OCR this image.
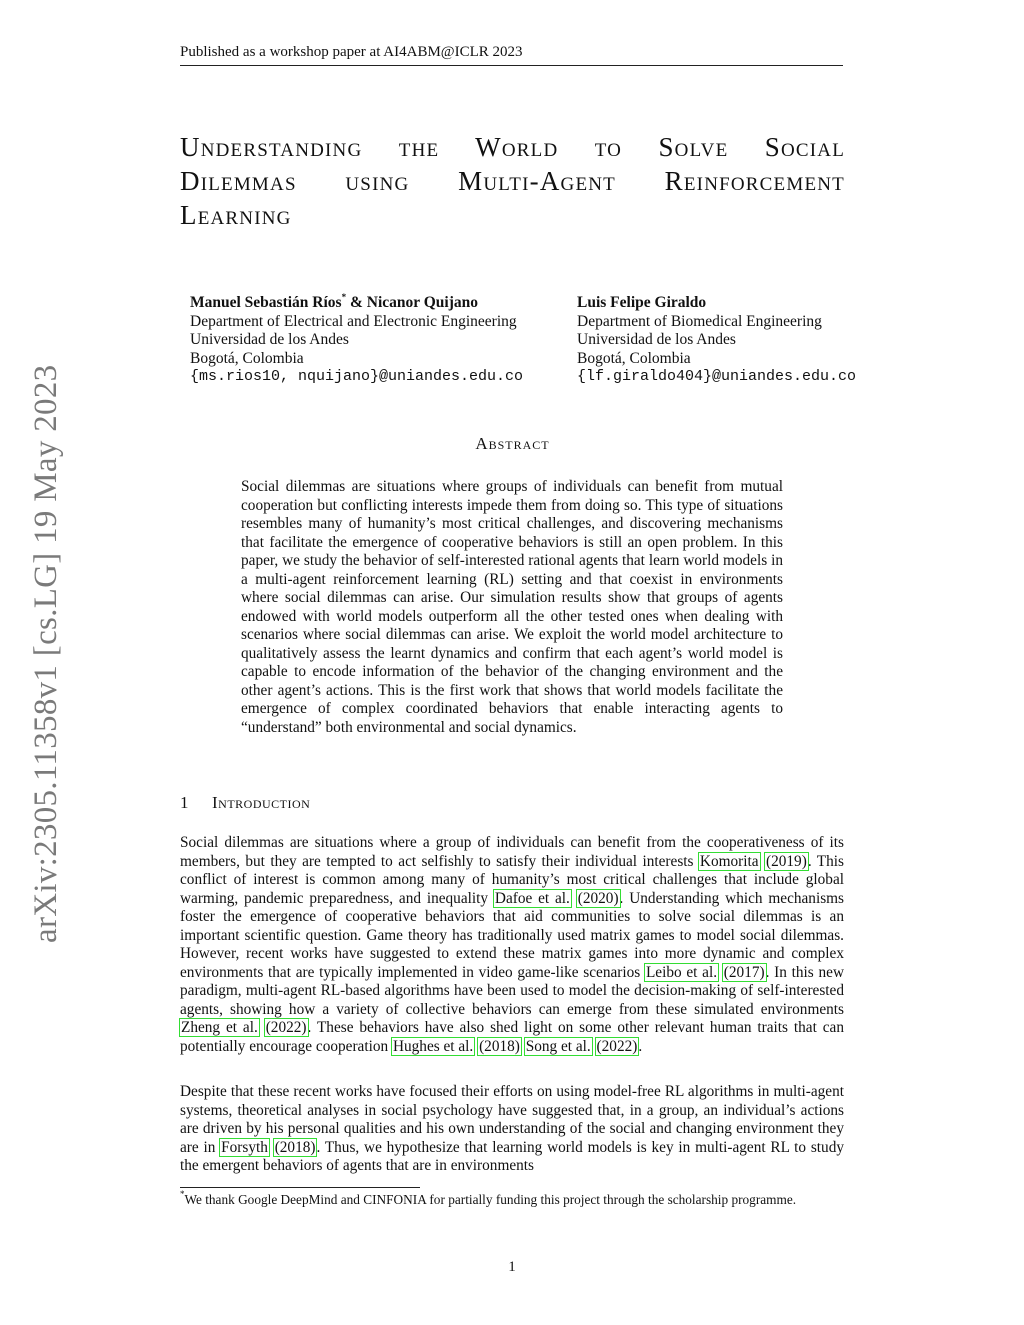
Published as a workshop paper at AI4ABM@ICLR 2023
Understanding the World to Solve Social
Dilemmas using Multi-Agent Reinforcement
Learning
Manuel Sebastián Ríos* & Nicanor Quijano
Department of Electrical and Electronic Engineering
Universidad de los Andes
Bogotá, Colombia
{ms.rios10, nquijano}@uniandes.edu.co
Luis Felipe Giraldo
Department of Biomedical Engineering
Universidad de los Andes
Bogotá, Colombia
{lf.giraldo404}@uniandes.edu.co
Abstract
Social dilemmas are situations where groups of individuals can benefit from mutual cooperation but conflicting interests impede them from doing so. This type of situations resembles many of humanity’s most critical challenges, and discovering mechanisms that facilitate the emergence of cooperative behaviors is still an open problem. In this paper, we study the behavior of self-interested rational agents that learn world models in a multi-agent reinforcement learning (RL) setting and that coexist in environments where social dilemmas can arise. Our simulation results show that groups of agents endowed with world models outperform all the other tested ones when dealing with scenarios where social dilemmas can arise. We exploit the world model architecture to qualitatively assess the learnt dynamics and confirm that each agent’s world model is capable to encode information of the behavior of the changing environment and the other agent’s actions. This is the first work that shows that world models facilitate the emergence of complex coordinated behaviors that enable interacting agents to “understand” both environmental and social dynamics.
1 Introduction

Social dilemmas are situations where a group of individuals can benefit from the cooperativeness of its members, but they are tempted to act selfishly to satisfy their individual interests Komorita (2019). This conflict of interest is common among many of humanity’s most critical challenges that include global warming, pandemic preparedness, and inequality Dafoe et al. (2020). Understanding which mechanisms foster the emergence of cooperative behaviors that aid communities to solve social dilemmas is an important scientific question. Game theory has traditionally used matrix games to model social dilemmas. However, recent works have suggested to extend these matrix games into more dynamic and complex environments that are typically implemented in video game-like scenarios Leibo et al. (2017). In this new paradigm, multi-agent RL-based algorithms have been used to model the decision-making of self-interested agents, showing how a variety of collective behaviors can emerge from these simulated environments Zheng et al. (2022). These behaviors have also shed light on some other relevant human traits that can potentially encourage cooperation Hughes et al. (2018) Song et al. (2022).

Despite that these recent works have focused their efforts on using model-free RL algorithms in multi-agent systems, theoretical analyses in social psychology have suggested that, in a group, an individual’s actions are driven by his personal qualities and his own understanding of the social and changing environment they are in Forsyth (2018). Thus, we hypothesize that learning world models is key in multi-agent RL to study the emergent behaviors of agents that are in environments

*We thank Google DeepMind and CINFONIA for partially funding this project through the scholarship programme.
1
arXiv:2305.11358v1 [cs.LG] 19 May 2023
